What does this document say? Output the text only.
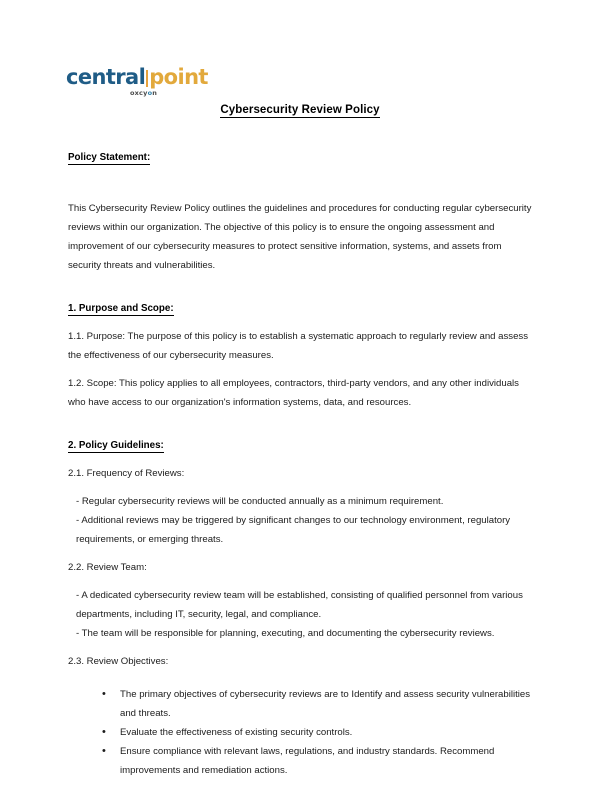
central point
oxcyon
Cybersecurity Review Policy
Policy Statement:

This Cybersecurity Review Policy outlines the guidelines and procedures for conducting regular cybersecurity reviews within our organization. The objective of this policy is to ensure the ongoing assessment and improvement of our cybersecurity measures to protect sensitive information, systems, and assets from security threats and vulnerabilities.

1. Purpose and Scope:

1.1. Purpose: The purpose of this policy is to establish a systematic approach to regularly review and assess the effectiveness of our cybersecurity measures.

1.2. Scope: This policy applies to all employees, contractors, third-party vendors, and any other individuals who have access to our organization's information systems, data, and resources.

2. Policy Guidelines:

2.1. Frequency of Reviews:

- Regular cybersecurity reviews will be conducted annually as a minimum requirement.

- Additional reviews may be triggered by significant changes to our technology environment, regulatory requirements, or emerging threats.

2.2. Review Team:

- A dedicated cybersecurity review team will be established, consisting of qualified personnel from various departments, including IT, security, legal, and compliance.

- The team will be responsible for planning, executing, and documenting the cybersecurity reviews.

2.3. Review Objectives:

• The primary objectives of cybersecurity reviews are to Identify and assess security vulnerabilities and threats.
• Evaluate the effectiveness of existing security controls.
• Ensure compliance with relevant laws, regulations, and industry standards. Recommend improvements and remediation actions.
